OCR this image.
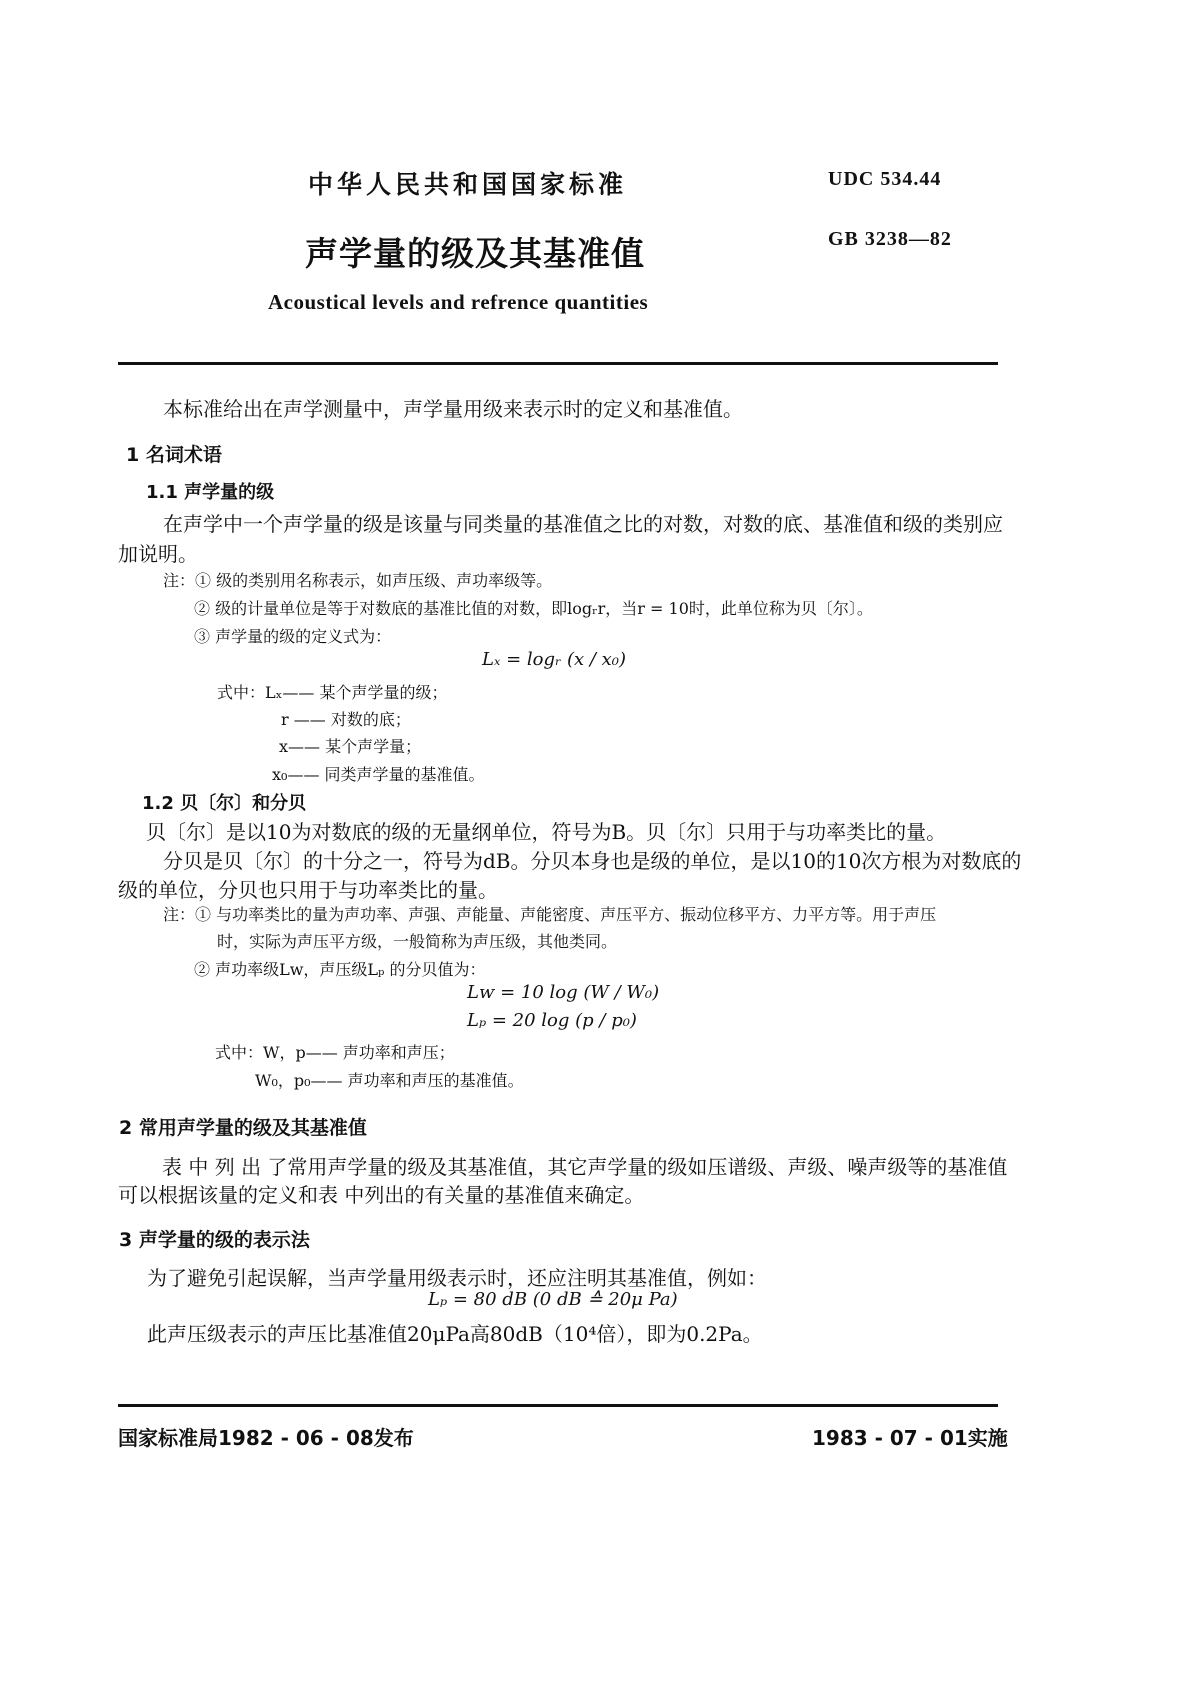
中华人民共和国国家标准	UDC 534.44
声学量的级及其基准值	GB 3238—82
Acoustical levels and refrence quantities
本标准给出在声学测量中，声学量用级来表示时的定义和基准值。
1 名词术语
1.1 声学量的级
在声学中一个声学量的级是该量与同类量的基准值之比的对数，对数的底、基准值和级的类别应
加说明。
注：① 级的类别用名称表示，如声压级、声功率级等。
② 级的计量单位是等于对数底的基准比值的对数，即logᵣr，当r = 10时，此单位称为贝〔尔〕。
③ 声学量的级的定义式为：
Lₓ = logᵣ (x / x₀)
式中：Lₓ—— 某个声学量的级；
r —— 对数的底；
x—— 某个声学量；
x₀—— 同类声学量的基准值。
1.2 贝〔尔〕和分贝
贝〔尔〕是以10为对数底的级的无量纲单位，符号为B。贝〔尔〕只用于与功率类比的量。
分贝是贝〔尔〕的十分之一，符号为dB。分贝本身也是级的单位，是以10的10次方根为对数底的
级的单位，分贝也只用于与功率类比的量。
注：① 与功率类比的量为声功率、声强、声能量、声能密度、声压平方、振动位移平方、力平方等。用于声压
时，实际为声压平方级，一般简称为声压级，其他类同。
② 声功率级Lᴡ，声压级Lₚ 的分贝值为：
Lᴡ = 10 log (W / W₀)
Lₚ = 20 log (p / p₀)
式中：W，p—— 声功率和声压；
W₀，p₀—— 声功率和声压的基准值。
2 常用声学量的级及其基准值
表 中 列 出 了常用声学量的级及其基准值，其它声学量的级如压谱级、声级、噪声级等的基准值
可以根据该量的定义和表 中列出的有关量的基准值来确定。
3 声学量的级的表示法
为了避免引起误解，当声学量用级表示时，还应注明其基准值，例如：
Lₚ = 80 dB (0 dB ≙ 20μ Pa)
此声压级表示的声压比基准值20μPa高80dB（10⁴倍），即为0.2Pa。
国家标准局1982 - 06 - 08发布	1983 - 07 - 01实施
